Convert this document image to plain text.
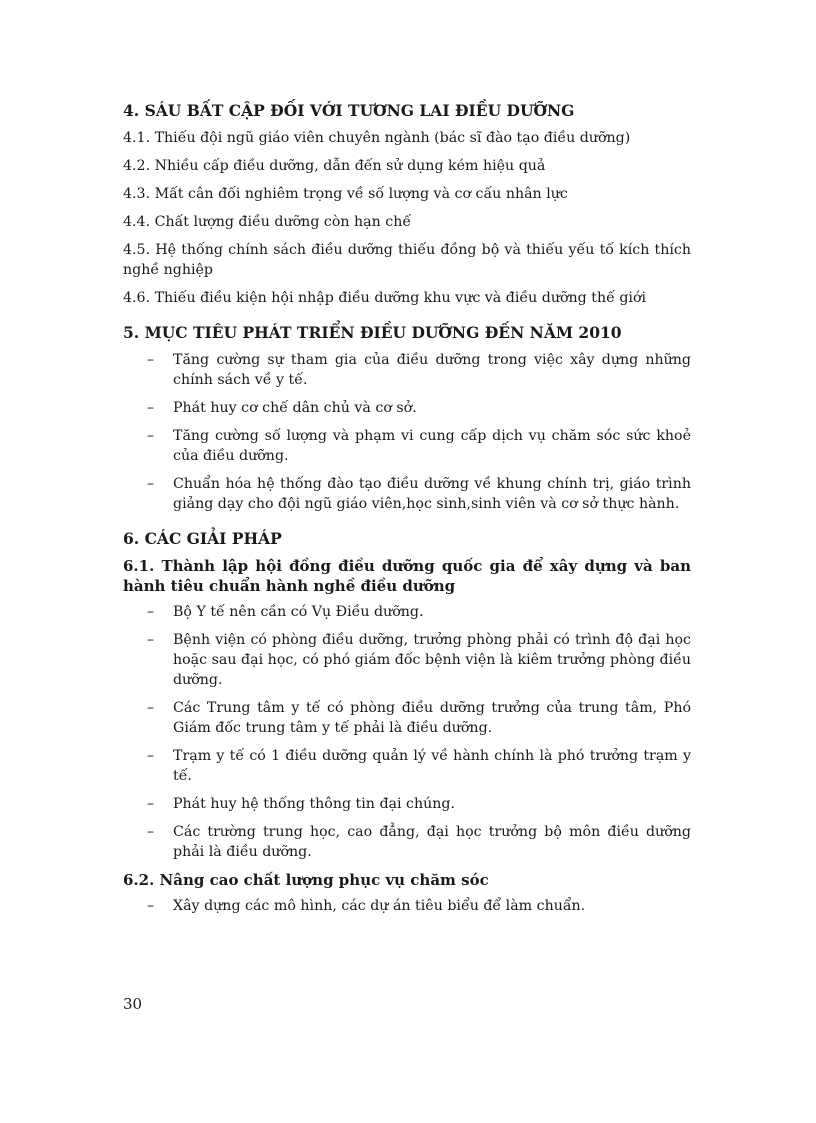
4. SÁU BẤT CẬP ĐỐI VỚI TƯƠNG LAI ĐIỀU DƯỠNG

4.1. Thiếu đội ngũ giáo viên chuyên ngành (bác sĩ đào tạo điều dưỡng)

4.2. Nhiều cấp điều dưỡng, dẫn đến sử dụng kém hiệu quả

4.3. Mất cân đối nghiêm trọng về số lượng và cơ cấu nhân lực

4.4. Chất lượng điều dưỡng còn hạn chế

4.5. Hệ thống chính sách điều dưỡng thiếu đồng bộ và thiếu yếu tố kích thích nghề nghiệp

4.6. Thiếu điều kiện hội nhập điều dưỡng khu vực và điều dưỡng thế giới

5. MỤC TIÊU PHÁT TRIỂN ĐIỀU DƯỠNG ĐẾN NĂM 2010
– Tăng cường sự tham gia của điều dưỡng trong việc xây dựng những chính sách về y tế.
– Phát huy cơ chế dân chủ và cơ sở.
– Tăng cường số lượng và phạm vi cung cấp dịch vụ chăm sóc sức khoẻ của điều dưỡng.
– Chuẩn hóa hệ thống đào tạo điều dưỡng về khung chính trị, giáo trình giảng dạy cho đội ngũ giáo viên,học sinh,sinh viên và cơ sở thực hành.
6. CÁC GIẢI PHÁP
6.1. Thành lập hội đồng điều dưỡng quốc gia để xây dựng và ban hành tiêu chuẩn hành nghề điều dưỡng
– Bộ Y tế nên cần có Vụ Điều dưỡng.
– Bệnh viện có phòng điều dưỡng, trưởng phòng phải có trình độ đại học hoặc sau đại học, có phó giám đốc bệnh viện là kiêm trưởng phòng điều dưỡng.
– Các Trung tâm y tế có phòng điều dưỡng trưởng của trung tâm, Phó Giám đốc trung tâm y tế phải là điều dưỡng.
– Trạm y tế có 1 điều dưỡng quản lý về hành chính là phó trưởng trạm y tế.
– Phát huy hệ thống thông tin đại chúng.
– Các trường trung học, cao đẳng, đại học trưởng bộ môn điều dưỡng phải là điều dưỡng.
6.2. Nâng cao chất lượng phục vụ chăm sóc
– Xây dựng các mô hình, các dự án tiêu biểu để làm chuẩn.
30
